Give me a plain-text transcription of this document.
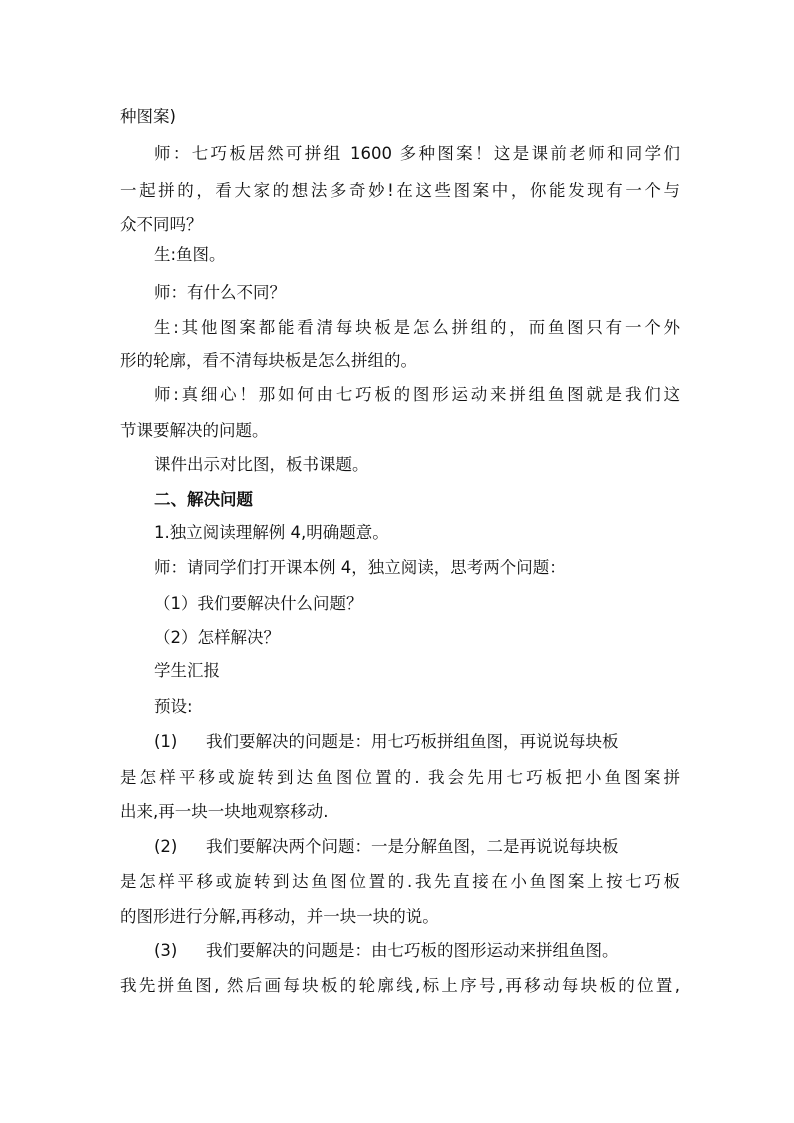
种图案)
师：七巧板居然可拼组 1600 多种图案！这是课前老师和同学们
一起拼的，看大家的想法多奇妙!在这些图案中，你能发现有一个与
众不同吗？
生:鱼图。
师：有什么不同？
生:其他图案都能看清每块板是怎么拼组的，而鱼图只有一个外
形的轮廓，看不清每块板是怎么拼组的。
师:真细心！那如何由七巧板的图形运动来拼组鱼图就是我们这
节课要解决的问题。
课件出示对比图，板书课题。
二、解决问题
1.独立阅读理解例 4,明确题意。
师：请同学们打开课本例 4，独立阅读，思考两个问题：
（1）我们要解决什么问题？
（2）怎样解决？
学生汇报
预设:
(1) 我们要解决的问题是：用七巧板拼组鱼图，再说说每块板
是怎样平移或旋转到达鱼图位置的. 我会先用七巧板把小鱼图案拼
出来,再一块一块地观察移动.
(2) 我们要解决两个问题：一是分解鱼图，二是再说说每块板
是怎样平移或旋转到达鱼图位置的.我先直接在小鱼图案上按七巧板
的图形进行分解,再移动，并一块一块的说。
(3) 我们要解决的问题是：由七巧板的图形运动来拼组鱼图。
我先拼鱼图, 然后画每块板的轮廓线,标上序号,再移动每块板的位置,
